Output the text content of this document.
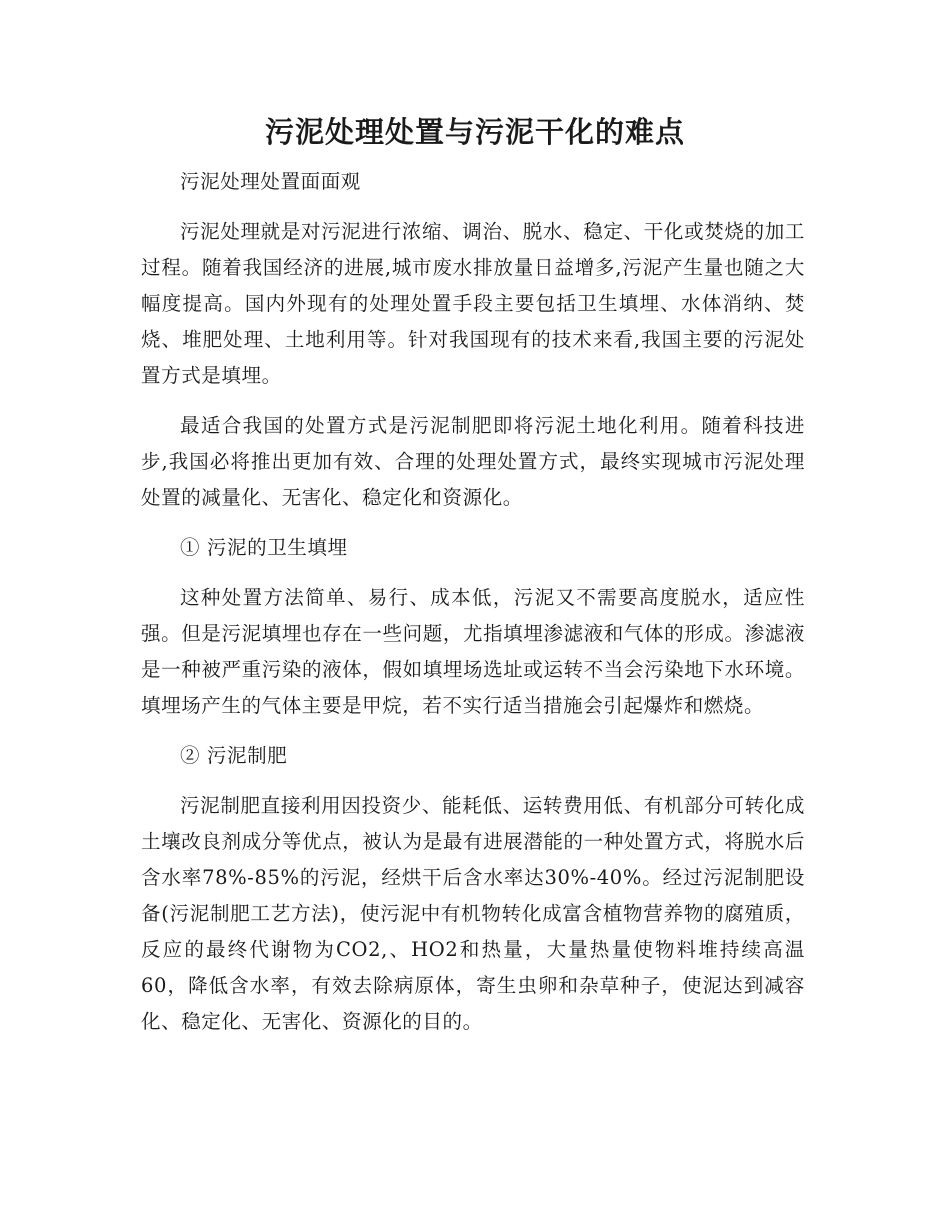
污泥处理处置与污泥干化的难点

污泥处理处置面面观

污泥处理就是对污泥进行浓缩、调治、脱水、稳定、干化或焚烧的加工过程。随着我国经济的进展,城市废水排放量日益增多,污泥产生量也随之大幅度提高。国内外现有的处理处置手段主要包括卫生填埋、水体消纳、焚烧、堆肥处理、土地利用等。针对我国现有的技术来看,我国主要的污泥处置方式是填埋。

最适合我国的处置方式是污泥制肥即将污泥土地化利用。随着科技进步,我国必将推出更加有效、合理的处理处置方式，最终实现城市污泥处理处置的减量化、无害化、稳定化和资源化。

① 污泥的卫生填埋

这种处置方法简单、易行、成本低，污泥又不需要高度脱水，适应性强。但是污泥填埋也存在一些问题，尤指填埋渗滤液和气体的形成。渗滤液是一种被严重污染的液体，假如填埋场选址或运转不当会污染地下水环境。填埋场产生的气体主要是甲烷，若不实行适当措施会引起爆炸和燃烧。

② 污泥制肥

污泥制肥直接利用因投资少、能耗低、运转费用低、有机部分可转化成土壤改良剂成分等优点，被认为是最有进展潜能的一种处置方式，将脱水后含水率78%-85%的污泥，经烘干后含水率达30%-40%。经过污泥制肥设备(污泥制肥工艺方法)，使污泥中有机物转化成富含植物营养物的腐殖质，反应的最终代谢物为CO2,、HO2和热量，大量热量使物料堆持续高温60，降低含水率，有效去除病原体，寄生虫卵和杂草种子，使泥达到减容化、稳定化、无害化、资源化的目的。
